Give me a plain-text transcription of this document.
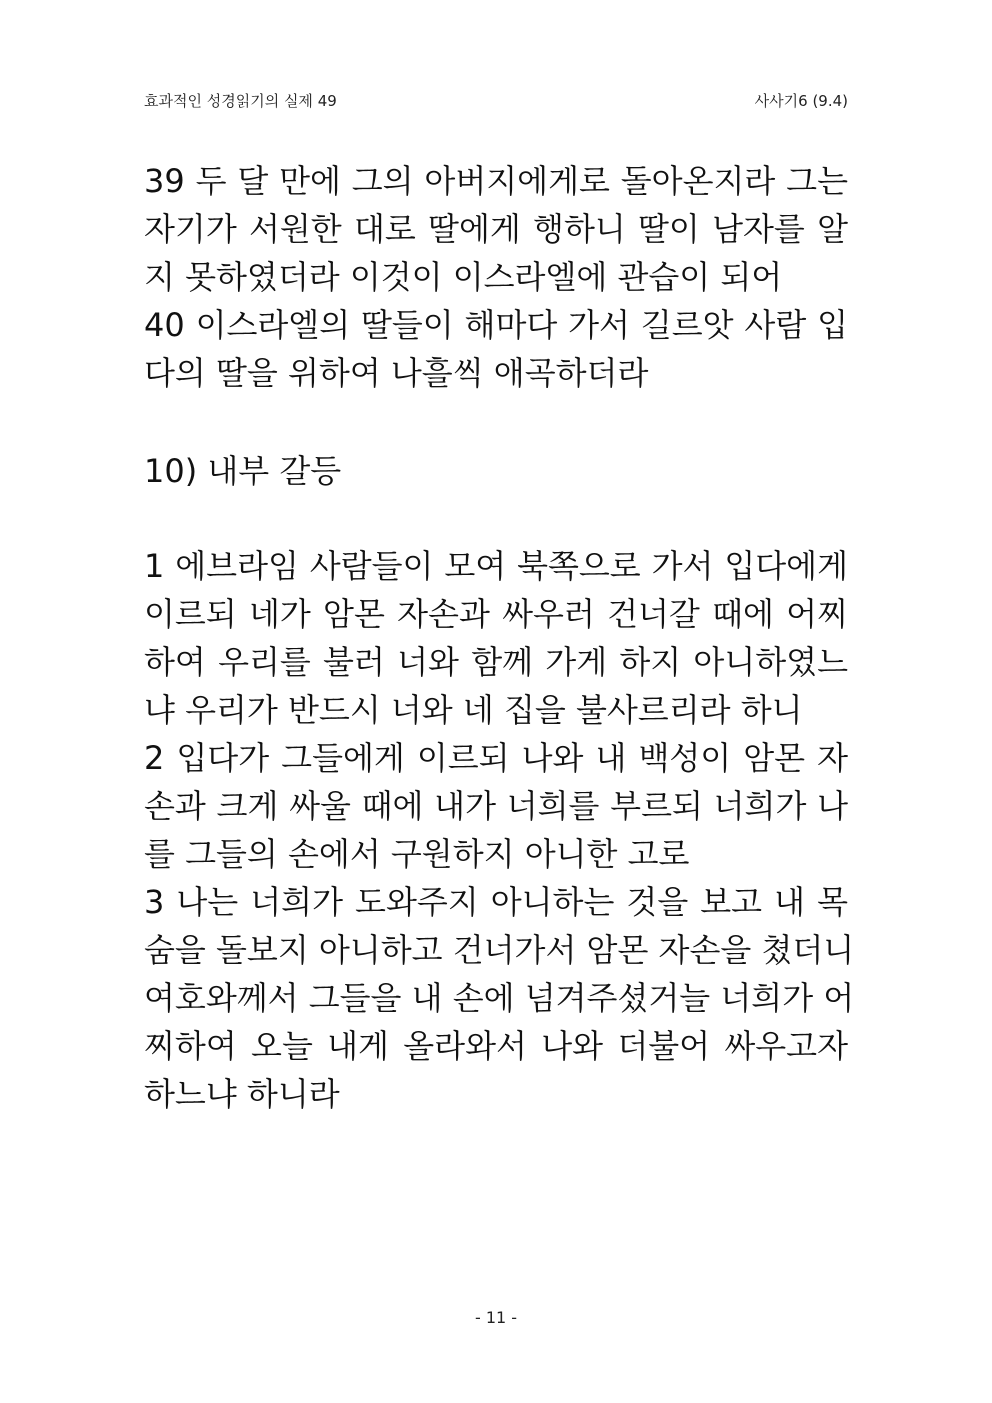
효과적인 성경읽기의 실제 49	사사기6 (9.4)
39 두 달 만에 그의 아버지에게로 돌아온지라 그는
자기가 서원한 대로 딸에게 행하니 딸이 남자를 알
지 못하였더라 이것이 이스라엘에 관습이 되어
40 이스라엘의 딸들이 해마다 가서 길르앗 사람 입
다의 딸을 위하여 나흘씩 애곡하더라
10) 내부 갈등
1 에브라임 사람들이 모여 북쪽으로 가서 입다에게
이르되 네가 암몬 자손과 싸우러 건너갈 때에 어찌
하여 우리를 불러 너와 함께 가게 하지 아니하였느
냐 우리가 반드시 너와 네 집을 불사르리라 하니
2 입다가 그들에게 이르되 나와 내 백성이 암몬 자
손과 크게 싸울 때에 내가 너희를 부르되 너희가 나
를 그들의 손에서 구원하지 아니한 고로
3 나는 너희가 도와주지 아니하는 것을 보고 내 목
숨을 돌보지 아니하고 건너가서 암몬 자손을 쳤더니
여호와께서 그들을 내 손에 넘겨주셨거늘 너희가 어
찌하여 오늘 내게 올라와서 나와 더불어 싸우고자
하느냐 하니라
- 11 -
